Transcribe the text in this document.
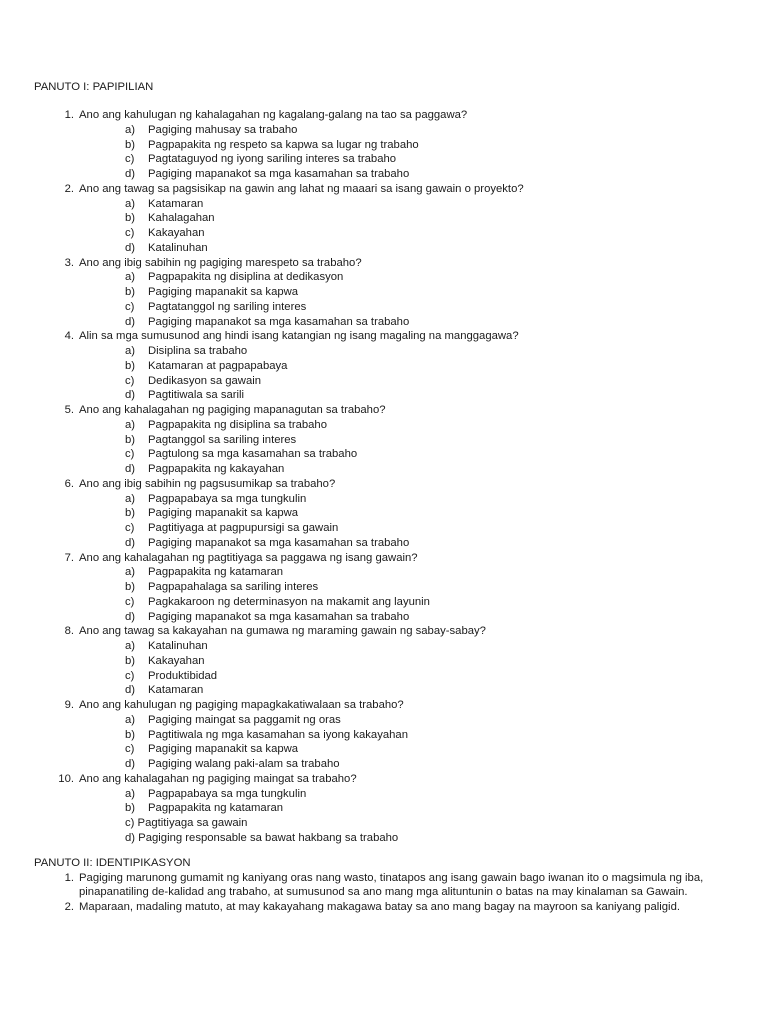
PANUTO I: PAPIPILIAN

1. Ano ang kahulugan ng kahalagahan ng kagalang-galang na tao sa paggawa?
a) Pagiging mahusay sa trabaho
b) Pagpapakita ng respeto sa kapwa sa lugar ng trabaho
c) Pagtataguyod ng iyong sariling interes sa trabaho
d) Pagiging mapanakot sa mga kasamahan sa trabaho
2. Ano ang tawag sa pagsisikap na gawin ang lahat ng maaari sa isang gawain o proyekto?
a) Katamaran
b) Kahalagahan
c) Kakayahan
d) Katalinuhan
3. Ano ang ibig sabihin ng pagiging marespeto sa trabaho?
a) Pagpapakita ng disiplina at dedikasyon
b) Pagiging mapanakit sa kapwa
c) Pagtatanggol ng sariling interes
d) Pagiging mapanakot sa mga kasamahan sa trabaho
4. Alin sa mga sumusunod ang hindi isang katangian ng isang magaling na manggagawa?
a) Disiplina sa trabaho
b) Katamaran at pagpapabaya
c) Dedikasyon sa gawain
d) Pagtitiwala sa sarili
5. Ano ang kahalagahan ng pagiging mapanagutan sa trabaho?
a) Pagpapakita ng disiplina sa trabaho
b) Pagtanggol sa sariling interes
c) Pagtulong sa mga kasamahan sa trabaho
d) Pagpapakita ng kakayahan
6. Ano ang ibig sabihin ng pagsusumikap sa trabaho?
a) Pagpapabaya sa mga tungkulin
b) Pagiging mapanakit sa kapwa
c) Pagtitiyaga at pagpupursigi sa gawain
d) Pagiging mapanakot sa mga kasamahan sa trabaho
7. Ano ang kahalagahan ng pagtitiyaga sa paggawa ng isang gawain?
a) Pagpapakita ng katamaran
b) Pagpapahalaga sa sariling interes
c) Pagkakaroon ng determinasyon na makamit ang layunin
d) Pagiging mapanakot sa mga kasamahan sa trabaho
8. Ano ang tawag sa kakayahan na gumawa ng maraming gawain ng sabay-sabay?
a) Katalinuhan
b) Kakayahan
c) Produktibidad
d) Katamaran
9. Ano ang kahulugan ng pagiging mapagkakatiwalaan sa trabaho?
a) Pagiging maingat sa paggamit ng oras
b) Pagtitiwala ng mga kasamahan sa iyong kakayahan
c) Pagiging mapanakit sa kapwa
d) Pagiging walang paki-alam sa trabaho
10. Ano ang kahalagahan ng pagiging maingat sa trabaho?
a) Pagpapabaya sa mga tungkulin
b) Pagpapakita ng katamaran
c) Pagtitiyaga sa gawain
d) Pagiging responsable sa bawat hakbang sa trabaho

PANUTO II: IDENTIPIKASYON

1. Pagiging marunong gumamit ng kaniyang oras nang wasto, tinatapos ang isang gawain bago iwanan ito o magsimula ng iba, pinapanatiling de-kalidad ang trabaho, at sumusunod sa ano mang mga alituntunin o batas na may kinalaman sa Gawain.
2. Maparaan, madaling matuto, at may kakayahang makagawa batay sa ano mang bagay na mayroon sa kaniyang paligid.
